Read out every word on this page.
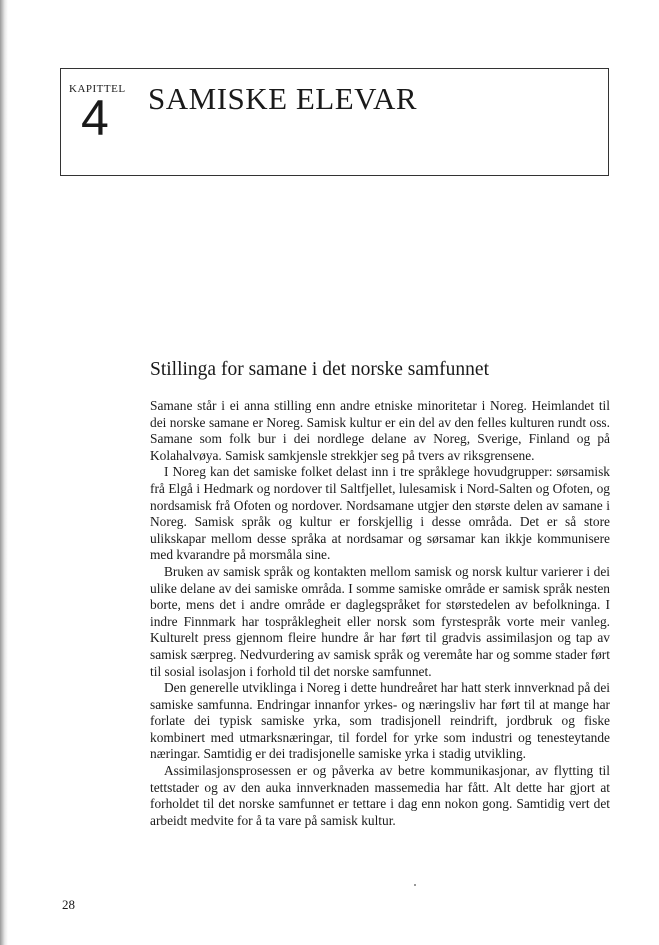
KAPITTEL
4 SAMISKE ELEVAR
Stillinga for samane i det norske samfunnet

Samane står i ei anna stilling enn andre etniske minoritetar i Noreg. Heimlandet til dei norske samane er Noreg. Samisk kultur er ein del av den felles kulturen rundt oss. Samane som folk bur i dei nordlege delane av Noreg, Sverige, Finland og på Kolahalvøya. Samisk samkjensle strekkjer seg på tvers av riksgrensene.

I Noreg kan det samiske folket delast inn i tre språklege hovudgrupper: sørsamisk frå Elgå i Hedmark og nordover til Saltfjellet, lulesamisk i Nord-Salten og Ofoten, og nordsamisk frå Ofoten og nordover. Nordsamane utgjer den største delen av samane i Noreg. Samisk språk og kultur er forskjellig i desse områda. Det er så store ulikskapar mellom desse språka at nordsamar og sørsamar kan ikkje kommunisere med kvarandre på morsmåla sine.

Bruken av samisk språk og kontakten mellom samisk og norsk kultur varierer i dei ulike delane av dei samiske områda. I somme samiske område er samisk språk nesten borte, mens det i andre område er daglegspråket for størstedelen av befolkninga. I indre Finnmark har tospråklegheit eller norsk som fyrstespråk vorte meir vanleg. Kulturelt press gjennom fleire hundre år har ført til gradvis assimilasjon og tap av samisk særpreg. Nedvurdering av samisk språk og veremåte har og somme stader ført til sosial isolasjon i forhold til det norske samfunnet.

Den generelle utviklinga i Noreg i dette hundreåret har hatt sterk innverknad på dei samiske samfunna. Endringar innanfor yrkes- og næringsliv har ført til at mange har forlate dei typisk samiske yrka, som tradisjonell reindrift, jordbruk og fiske kombinert med utmarksnæringar, til fordel for yrke som industri og tenesteytande næringar. Samtidig er dei tradisjonelle samiske yrka i stadig utvikling.

Assimilasjonsprosessen er og påverka av betre kommunikasjonar, av flytting til tettstader og av den auka innverknaden massemedia har fått. Alt dette har gjort at forholdet til det norske samfunnet er tettare i dag enn nokon gong. Samtidig vert det arbeidt medvite for å ta vare på samisk kultur.

28
